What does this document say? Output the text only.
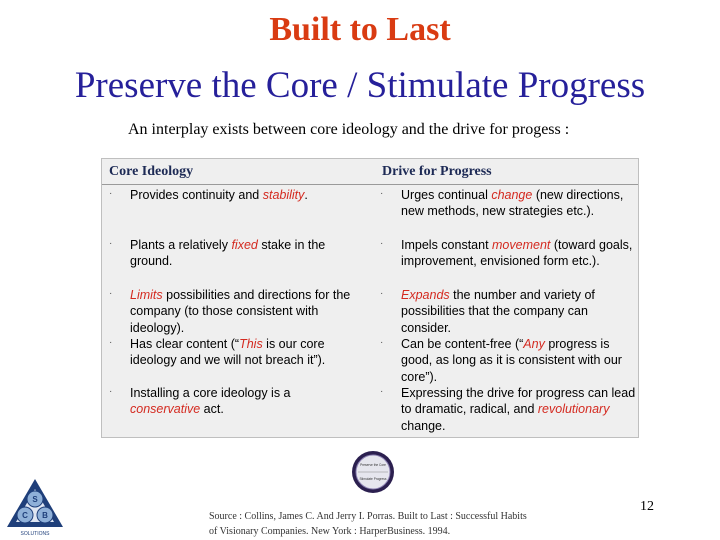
Built to Last
Preserve the Core / Stimulate Progress
An interplay exists between core ideology and the drive for progess :
Core Ideology	Drive for Progress
· Provides continuity and stability.
· Plants a relatively fixed stake in the ground.
· Limits possibilities and directions for the company (to those consistent with ideology).
· Has clear content (“This is our core ideology and we will not breach it”).
· Installing a core ideology is a conservative act.
· Urges continual change (new directions, new methods, new strategies etc.).
· Impels constant movement (toward goals, improvement, envisioned form etc.).
· Expands the number and variety of possibilities that the company can consider.
· Can be content-free (“Any progress is good, as long as it is consistent with our core”).
· Expressing the drive for progress can lead to dramatic, radical, and revolutionary change.
Preserve the Core
Stimulate Progress
Source : Collins, James C. And Jerry I. Porras. Built to Last : Successful Habits
of Visionary Companies. New York : HarperBusiness. 1994.
12
C B
S
SOLUTIONS
